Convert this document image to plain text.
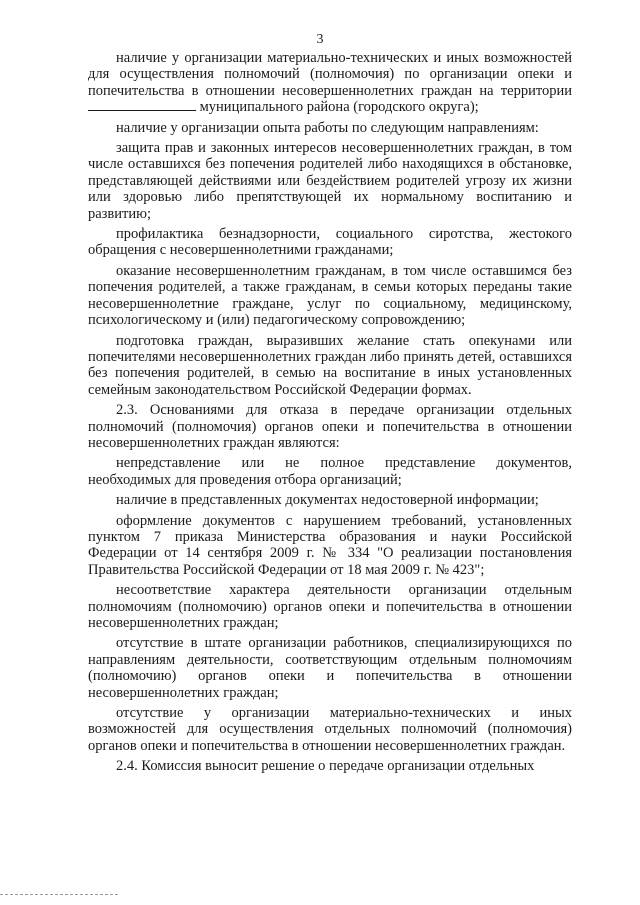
3

наличие у организации материально-технических и иных возможностей для осуществления полномочий (полномочия) по организации опеки и попечительства в отношении несовершеннолетних граждан на территории  муниципального района (городского округа);

наличие у организации опыта работы по следующим направлениям:

защита прав и законных интересов несовершеннолетних граждан, в том числе оставшихся без попечения родителей либо находящихся в обстановке, представляющей действиями или бездействием родителей угрозу их жизни или здоровью либо препятствующей их нормальному воспитанию и развитию;

профилактика безнадзорности, социального сиротства, жестокого обращения с несовершеннолетними гражданами;

оказание несовершеннолетним гражданам, в том числе оставшимся без попечения родителей, а также гражданам, в семьи которых переданы такие несовершеннолетние граждане, услуг по социальному, медицинскому, психологическому и (или) педагогическому сопровождению;

подготовка граждан, выразивших желание стать опекунами или попечителями несовершеннолетних граждан либо принять детей, оставшихся без попечения родителей, в семью на воспитание в иных установленных семейным законодательством Российской Федерации формах.

2.3. Основаниями для отказа в передаче организации отдельных полномочий (полномочия) органов опеки и попечительства в отношении несовершеннолетних граждан являются:

непредставление или не полное представление документов, необходимых для проведения отбора организаций;

наличие в представленных документах недостоверной информации;

оформление документов с нарушением требований, установленных пунктом 7 приказа Министерства образования и науки Российской Федерации от 14 сентября 2009 г. № 334 "О реализации постановления Правительства Российской Федерации от 18 мая 2009 г. № 423";

несоответствие характера деятельности организации отдельным полномочиям (полномочию) органов опеки и попечительства в отношении несовершеннолетних граждан;

отсутствие в штате организации работников, специализирующихся по направлениям деятельности, соответствующим отдельным полномочиям (полномочию) органов опеки и попечительства в отношении несовершеннолетних граждан;

отсутствие у организации материально-технических и иных возможностей для осуществления отдельных полномочий (полномочия) органов опеки и попечительства в отношении несовершеннолетних граждан.

2.4. Комиссия выносит решение о передаче организации отдельных
